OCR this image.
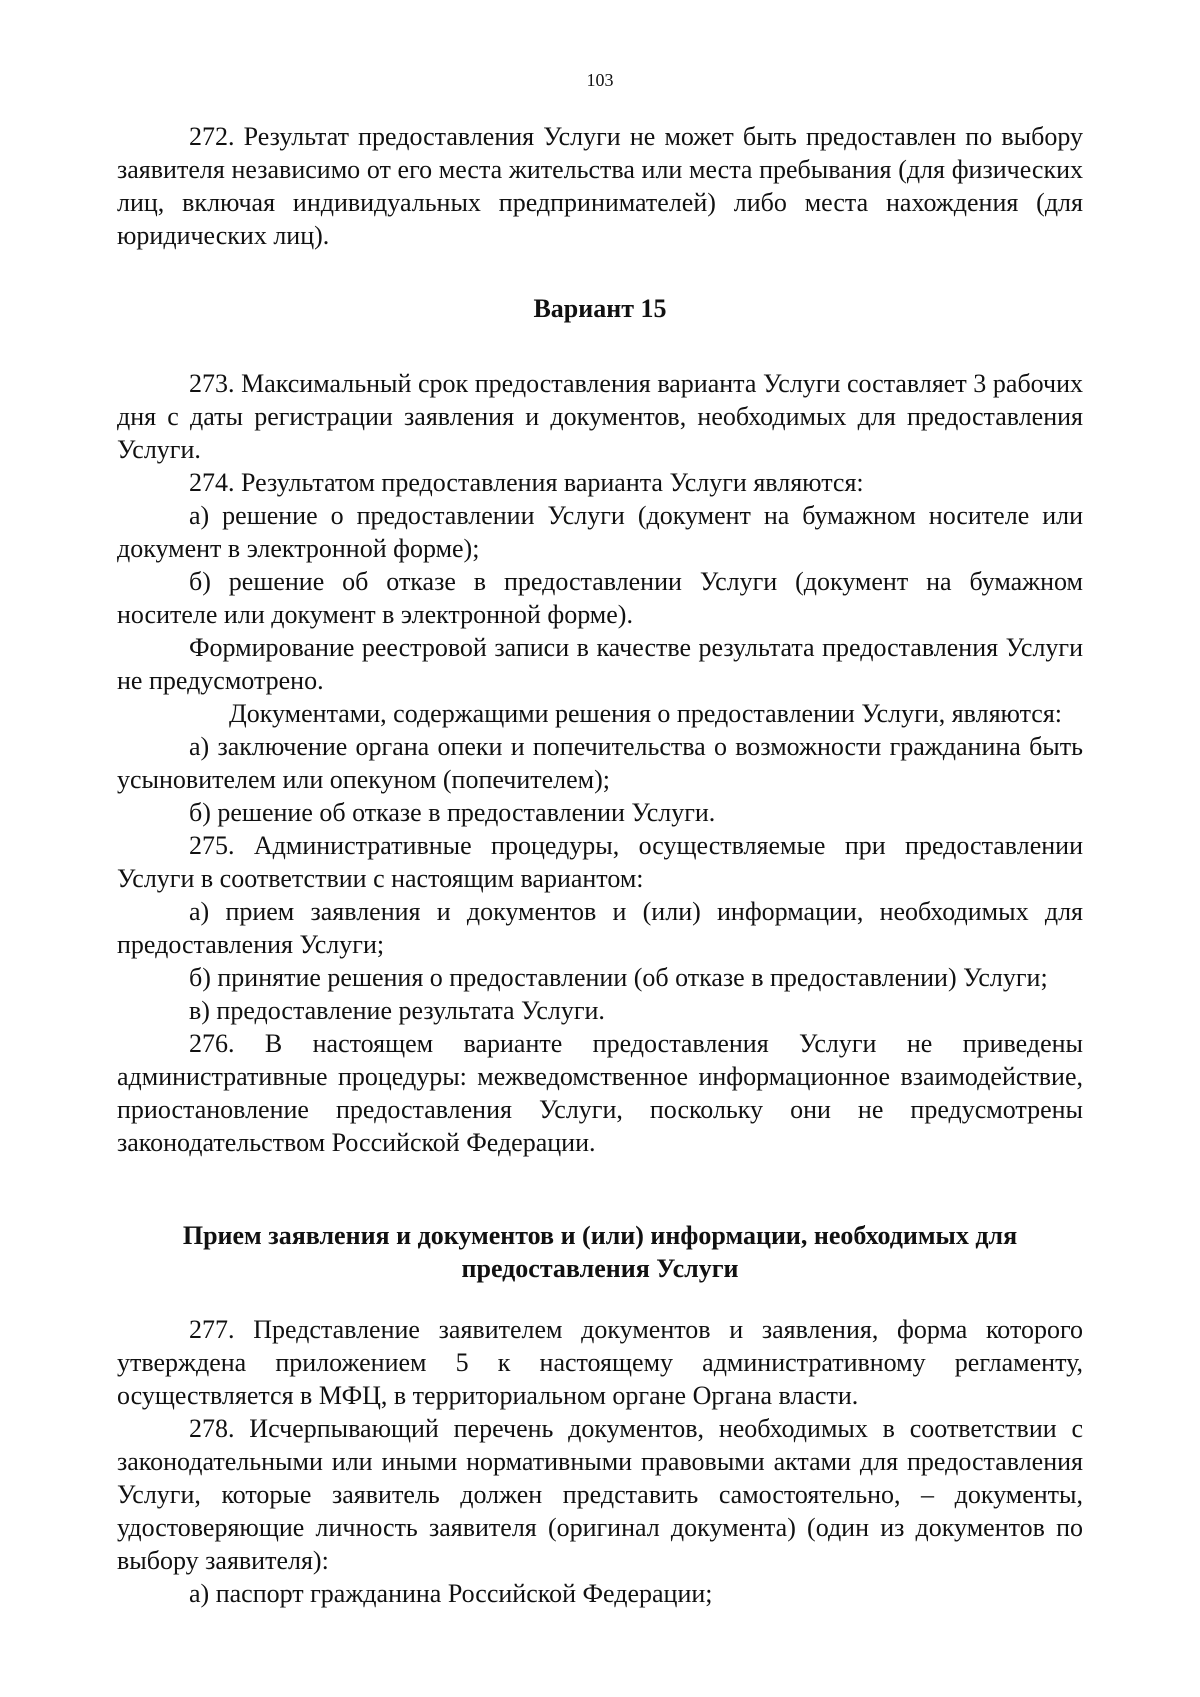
103

272. Результат предоставления Услуги не может быть предоставлен по выбору заявителя независимо от его места жительства или места пребывания (для физических лиц, включая индивидуальных предпринимателей) либо места нахождения (для юридических лиц).

Вариант 15

273. Максимальный срок предоставления варианта Услуги составляет 3 рабочих дня с даты регистрации заявления и документов, необходимых для предоставления Услуги.

274. Результатом предоставления варианта Услуги являются:

а) решение о предоставлении Услуги (документ на бумажном носителе или документ в электронной форме);

б) решение об отказе в предоставлении Услуги (документ на бумажном носителе или документ в электронной форме).

Формирование реестровой записи в качестве результата предоставления Услуги не предусмотрено.

Документами, содержащими решения о предоставлении Услуги, являются:

а) заключение органа опеки и попечительства о возможности гражданина быть усыновителем или опекуном (попечителем);

б) решение об отказе в предоставлении Услуги.

275. Административные процедуры, осуществляемые при предоставлении Услуги в соответствии с настоящим вариантом:

а) прием заявления и документов и (или) информации, необходимых для предоставления Услуги;

б) принятие решения о предоставлении (об отказе в предоставлении) Услуги;

в) предоставление результата Услуги.

276. В настоящем варианте предоставления Услуги не приведены административные процедуры: межведомственное информационное взаимодействие, приостановление предоставления Услуги, поскольку они не предусмотрены законодательством Российской Федерации.

Прием заявления и документов и (или) информации, необходимых для предоставления Услуги

277. Представление заявителем документов и заявления, форма которого утверждена приложением 5 к настоящему административному регламенту, осуществляется в МФЦ, в территориальном органе Органа власти.

278. Исчерпывающий перечень документов, необходимых в соответствии с законодательными или иными нормативными правовыми актами для предоставления Услуги, которые заявитель должен представить самостоятельно, – документы, удостоверяющие личность заявителя (оригинал документа) (один из документов по выбору заявителя):

а) паспорт гражданина Российской Федерации;
